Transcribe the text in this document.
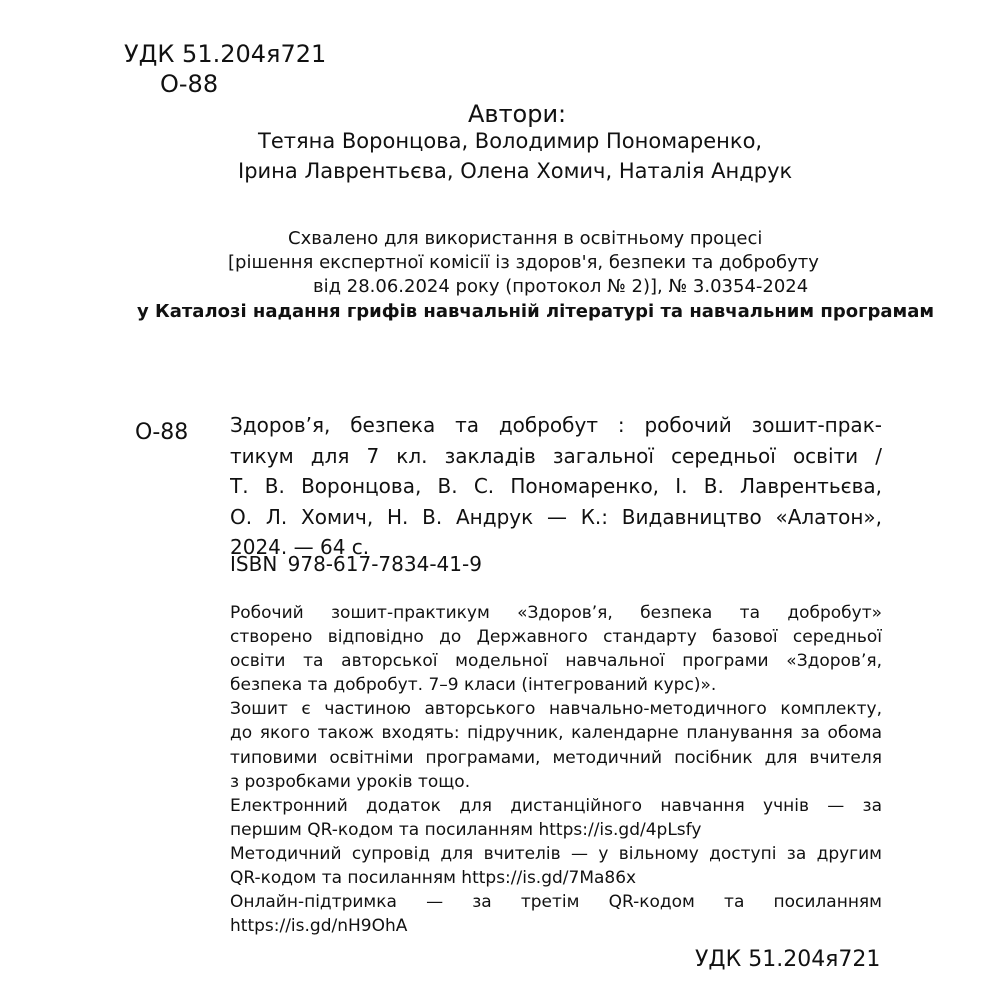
УДК 51.204я721
О-88
Автори:
Тетяна Воронцова, Володимир Пономаренко,
Ірина Лаврентьєва, Олена Хомич, Наталія Андрук
Схвалено для використання в освітньому процесі
[рішення експертної комісії із здоров'я, безпеки та добробуту
від 28.06.2024 року (протокол № 2)], № 3.0354-2024
у Каталозі надання грифів навчальній літературі та навчальним програмам
О-88 Здоров’я, безпека та добробут : робочий зошит-прак-
тикум для 7 кл. закладів загальної середньої освіти /
Т. В. Воронцова, В. С. Пономаренко, І. В. Лаврентьєва,
О. Л. Хомич, Н. В. Андрук — К.: Видавництво «Алатон»,
2024. — 64 с.
ISBN 978-617-7834-41-9
Робочий зошит-практикум «Здоров’я, безпека та добробут»
створено відповідно до Державного стандарту базової середньої
освіти та авторської модельної навчальної програми «Здоров’я,
безпека та добробут. 7–9 класи (інтегрований курс)».
Зошит є частиною авторського навчально-методичного комплекту,
до якого також входять: підручник, календарне планування за обома
типовими освітніми програмами, методичний посібник для вчителя
з розробками уроків тощо.
Електронний додаток для дистанційного навчання учнів — за
першим QR-кодом та посиланням https://is.gd/4pLsfy
Методичний супровід для вчителів — у вільному доступі за другим
QR-кодом та посиланням https://is.gd/7Ma86x
Онлайн-підтримка — за третім QR-кодом та посиланням
https://is.gd/nH9OhA
УДК 51.204я721
